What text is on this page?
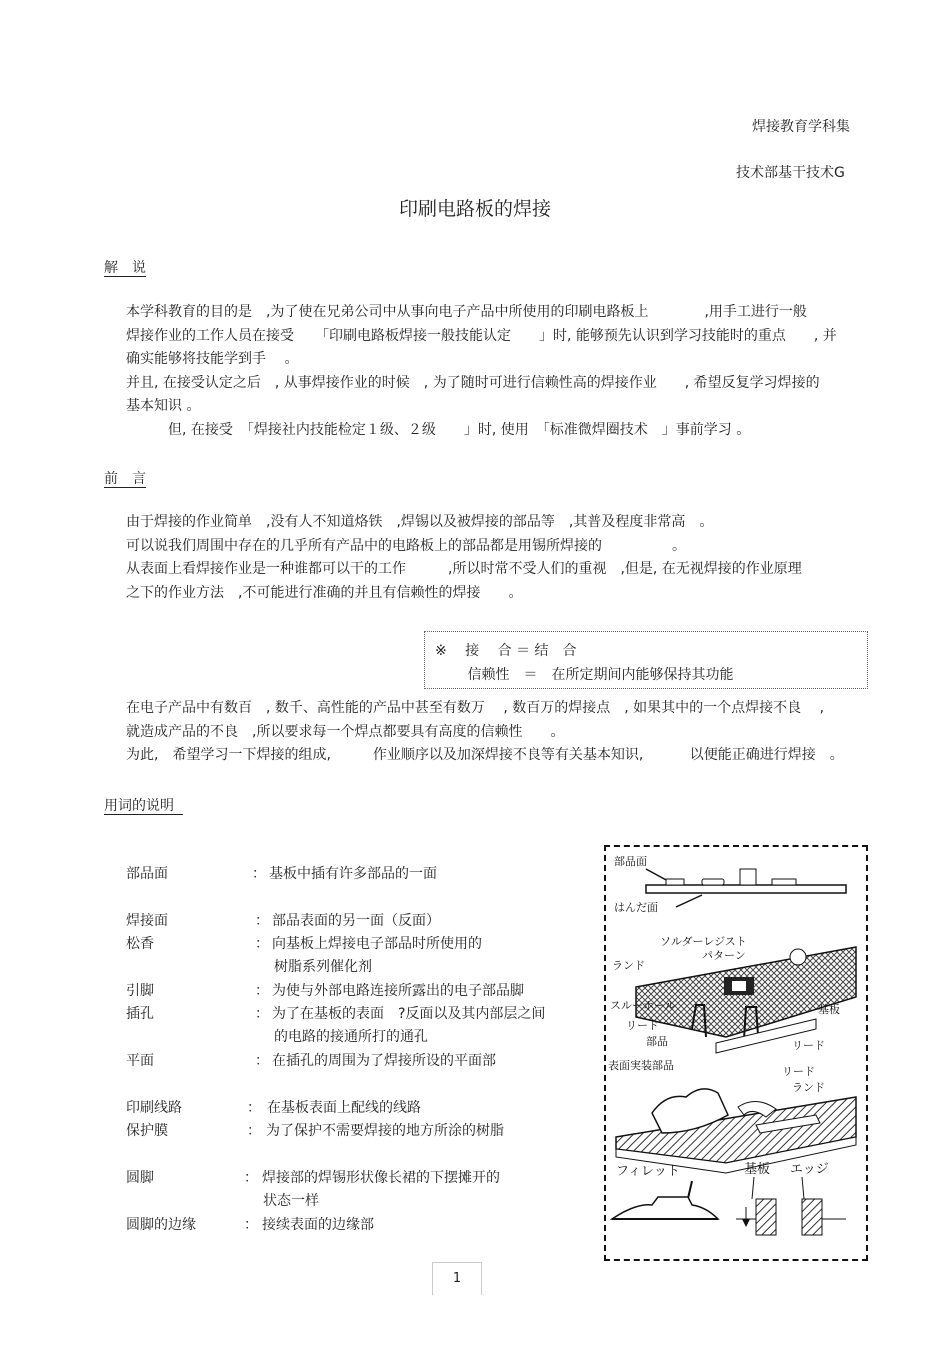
焊接教育学科集
技术部基干技术G
印刷电路板的焊接
解　说
本学科教育的目的是　,为了使在兄弟公司中从事向电子产品中所使用的印刷电路板上　　　　,用手工进行一般
焊接作业的工作人员在接受　　「印刷电路板焊接一般技能认定　　」时, 能够预先认识到学习技能时的重点　　, 并
确实能够将技能学到手　 。
并且, 在接受认定之后　, 从事焊接作业的时候　, 为了随时可进行信赖性高的焊接作业　　, 希望反复学习焊接的
基本知识 。
　　　但, 在接受　「焊接社内技能检定１级、２级　　」时, 使用　「标准微焊圈技术　」事前学习 。
前　言
由于焊接的作业简单　,没有人不知道烙铁　,焊锡以及被焊接的部品等　,其普及程度非常高　。
可以说我们周围中存在的几乎所有产品中的电路板上的部品都是用锡所焊接的　　　　　。
从表面上看焊接作业是一种谁都可以干的工作　　　,所以时常不受人们的重视　,但是, 在无视焊接的作业原理
之下的作业方法　,不可能进行准确的并且有信赖性的焊接　　。
※　 接　 合 ＝ 结　合
　　 信赖性　＝　在所定期间内能够保持其功能
在电子产品中有数百　, 数千、高性能的产品中甚至有数万　 , 数百万的焊接点　, 如果其中的一个点焊接不良　 ,
就造成产品的不良　,所以要求每一个焊点都要具有高度的信赖性　　。
为此,　希望学习一下焊接的组成,　　　作业顺序以及加深焊接不良等有关基本知识,　　　 以便能正确进行焊接　。
用词的说明
部品面	： 基板中插有许多部品的一面
焊接面	： 部品表面的另一面（反面）
松香	： 向基板上焊接电子部品时所使用的
树脂系列催化剂
引脚	： 为使与外部电路连接所露出的电子部品脚
插孔	： 为了在基板的表面　?反面以及其内部层之间
的电路的接通所打的通孔
平面	： 在插孔的周围为了焊接所设的平面部
印刷线路	： 在基板表面上配线的线路
保护膜	： 为了保护不需要焊接的地方所涂的树脂
圆脚	： 焊接部的焊锡形状像长裙的下摆摊开的
状态一样
圆脚的边缘	： 接续表面的边缘部
部品面
はんだ面
ソルダーレジスト
パターン
ランド
スルーホール	基板
リード
部品	リード
表面実装部品	リード
ランド
フィレット	基板 エッジ
1
